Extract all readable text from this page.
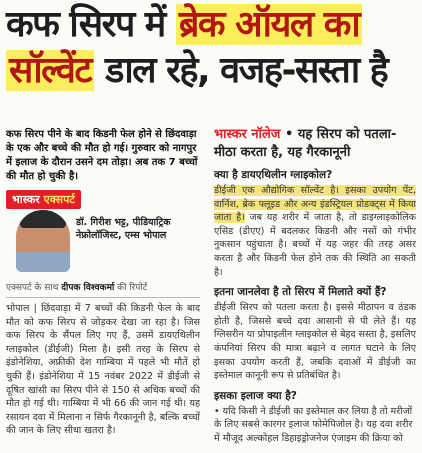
कफ सिरप में ब्रेक ऑयल का
सॉल्वेंट डाल रहे, वजह-सस्ता है
कफ सिरप पीने के बाद किडनी फेल होने से छिंदवाड़ा के एक और बच्चे की मौत हो गई। गुरुवार को नागपुर में इलाज के दौरान उसने दम तोड़ा। अब तक 7 बच्चों की मौत हो चुकी है।
भास्कर एक्सपर्ट
डॉ. गिरीश भट्ट, पीडियाट्रिक नेफ्रोलॉजिस्ट, एम्स भोपाल
एक्सपर्ट के साथ दीपक विश्वकर्मा की रिपोर्ट
भोपाल | छिंदवाड़ा में 7 बच्चों की किडनी फेल के बाद मौत को कफ सिरप से जोड़कर देखा जा रहा है। जिस कफ सिरप के सैंपल लिए गए हैं, उसमें डायएथिलीन ग्लाइकोल (डीईजी) मिला है। इसी तरह के सिरप से इंडोनेशिया, अफ्रीकी देश गाम्बिया में पहले भी मौतें हो चुकी हैं। इंडोनेशिया में 15 नवंबर 2022 में डीईजी से दूषित खांसी का सिरप पीने से 150 से अधिक बच्चों की मौत हो गई थी। गाम्बिया में भी 66 की जान गई थी। यह रसायन दवा में मिलाना न सिर्फ गैरकानूनी है, बल्कि बच्चों की जान के लिए सीधा खतरा है।
भास्कर नॉलेज • यह सिरप को पतला-मीठा करता है, यह गैरकानूनी
क्या है डायएथिलीन ग्लाइकोल?
डीईजी एक औद्योगिक सॉल्वेंट है। इसका उपयोग पेंट, वार्निश, ब्रेक फ्लूइड और अन्य इंडस्ट्रियल प्रोडक्ट्स में किया जाता है। जब यह शरीर में जाता है, तो डाइग्लाइकोलिक एसिड (डीएए) में बदलकर किडनी और नसों को गंभीर नुकसान पहुंचाता है। बच्चों में यह जहर की तरह असर करता है और किडनी फेल होने तक की स्थिति आ सकती है।
इतना जानलेवा है तो सिरप में मिलाते क्यों हैं?
डीईजी सिरप को पतला करता है। इससे मीठापन व ठंडक होती है, जिससे बच्चे दवा आसानी से पी लेते हैं। यह ग्लिसरीन या प्रोपाइलीन ग्लाइकोल से बेहद सस्ता है, इसलिए कंपनियां सिरप की मात्रा बढ़ाने व लागत घटाने के लिए इसका उपयोग करती हैं, जबकि दवाओं में डीईजी का इस्तेमाल कानूनी रूप से प्रतिबंधित है।
इसका इलाज क्या है?
• यदि किसी ने डीईजी का इस्तेमाल कर लिया है तो मरीजों के लिए सबसे कारगर इलाज फोमेपिजोल है। यह दवा शरीर में मौजूद अल्कोहल डिहाइड्रोजनेज एंजाइम की क्रिया को
